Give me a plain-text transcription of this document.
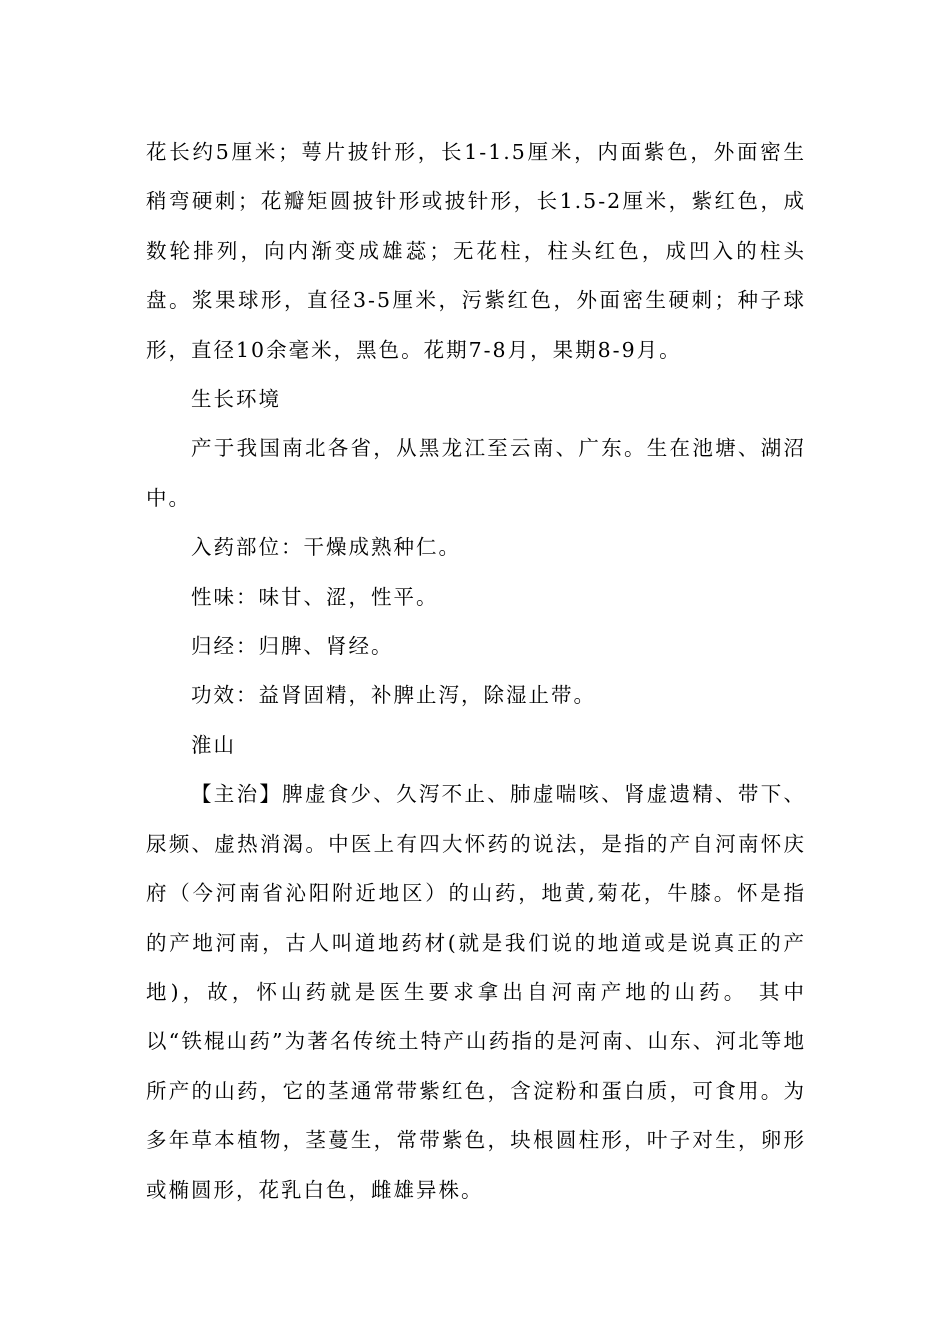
花长约5厘米；萼片披针形，长1-1.5厘米，内面紫色，外面密生稍弯硬刺；花瓣矩圆披针形或披针形，长1.5-2厘米，紫红色，成数轮排列，向内渐变成雄蕊；无花柱，柱头红色，成凹入的柱头盘。浆果球形，直径3-5厘米，污紫红色，外面密生硬刺；种子球形，直径10余毫米，黑色。花期7-8月，果期8-9月。

生长环境

产于我国南北各省，从黑龙江至云南、广东。生在池塘、湖沼中。

入药部位：干燥成熟种仁。

性味：味甘、涩，性平。

归经：归脾、肾经。

功效：益肾固精，补脾止泻，除湿止带。

淮山

【主治】脾虚食少、久泻不止、肺虚喘咳、肾虚遗精、带下、尿频、虚热消渴。中医上有四大怀药的说法，是指的产自河南怀庆府（今河南省沁阳附近地区）的山药，地黄,菊花，牛膝。怀是指的产地河南，古人叫道地药材(就是我们说的地道或是说真正的产地)，故，怀山药就是医生要求拿出自河南产地的山药。 其中以“铁棍山药”为著名传统土特产山药指的是河南、山东、河北等地所产的山药，它的茎通常带紫红色，含淀粉和蛋白质，可食用。为多年草本植物，茎蔓生，常带紫色，块根圆柱形，叶子对生，卵形或椭圆形，花乳白色，雌雄异株。
